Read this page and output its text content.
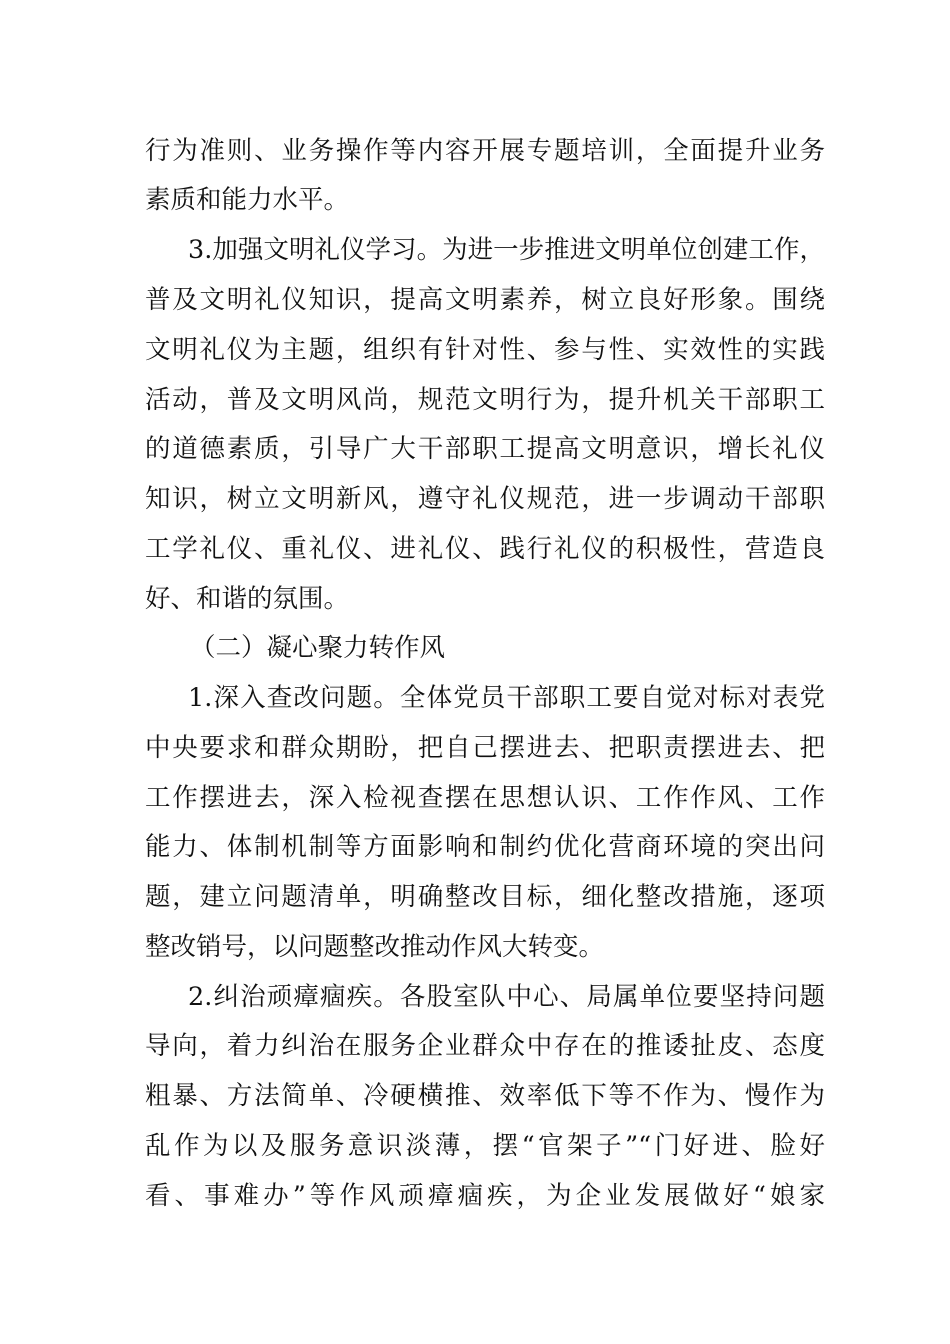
行为准则、业务操作等内容开展专题培训，全面提升业务
素质和能力水平。
3.加强文明礼仪学习。为进一步推进文明单位创建工作，
普及文明礼仪知识，提高文明素养，树立良好形象。围绕
文明礼仪为主题，组织有针对性、参与性、实效性的实践
活动，普及文明风尚，规范文明行为，提升机关干部职工
的道德素质，引导广大干部职工提高文明意识，增长礼仪
知识，树立文明新风，遵守礼仪规范，进一步调动干部职
工学礼仪、重礼仪、进礼仪、践行礼仪的积极性，营造良
好、和谐的氛围。
（二）凝心聚力转作风
1.深入查改问题。全体党员干部职工要自觉对标对表党
中央要求和群众期盼，把自己摆进去、把职责摆进去、把
工作摆进去，深入检视查摆在思想认识、工作作风、工作
能力、体制机制等方面影响和制约优化营商环境的突出问
题，建立问题清单，明确整改目标，细化整改措施，逐项
整改销号，以问题整改推动作风大转变。
2.纠治顽瘴痼疾。各股室队中心、局属单位要坚持问题
导向，着力纠治在服务企业群众中存在的推诿扯皮、态度
粗暴、方法简单、冷硬横推、效率低下等不作为、慢作为
乱作为以及服务意识淡薄，摆“官架子”“门好进、脸好
看、事难办”等作风顽瘴痼疾，为企业发展做好“娘家
